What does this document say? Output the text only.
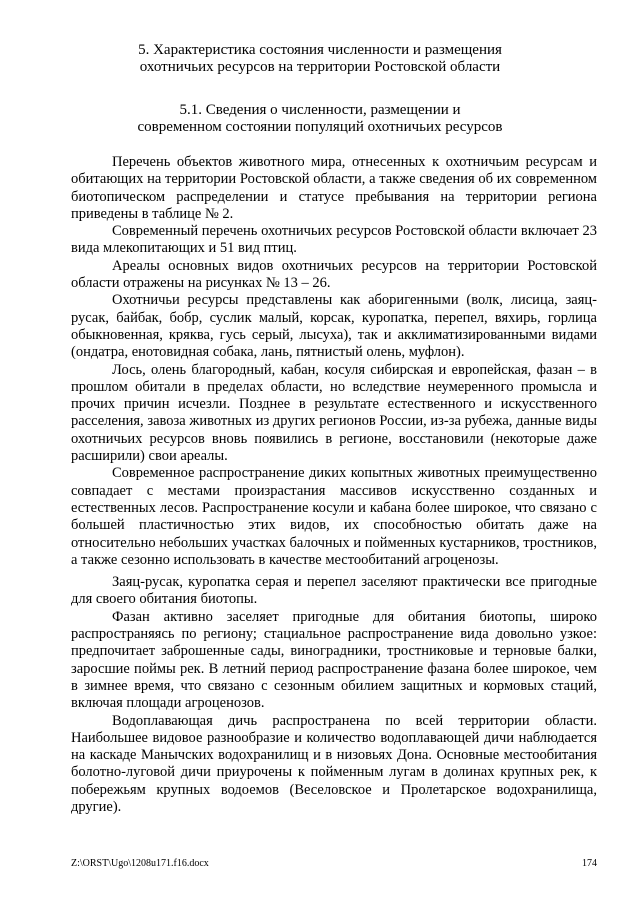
5. Характеристика состояния численности и размещения
охотничьих ресурсов на территории Ростовской области
5.1. Сведения о численности, размещении и
современном состоянии популяций охотничьих ресурсов

Перечень объектов животного мира, отнесенных к охотничьим ресурсам и обитающих на территории Ростовской области, а также сведения об их современном биотопическом распределении и статусе пребывания на территории региона приведены в таблице № 2.

Современный перечень охотничьих ресурсов Ростовской области включает 23 вида млекопитающих и 51 вид птиц.

Ареалы основных видов охотничьих ресурсов на территории Ростовской области отражены на рисунках № 13 – 26.

Охотничьи ресурсы представлены как аборигенными (волк, лисица, заяц-русак, байбак, бобр, суслик малый, корсак, куропатка, перепел, вяхирь, горлица обыкновенная, кряква, гусь серый, лысуха), так и акклиматизированными видами (ондатра, енотовидная собака, лань, пятнистый олень, муфлон).

Лось, олень благородный, кабан, косуля сибирская и европейская, фазан – в прошлом обитали в пределах области, но вследствие неумеренного промысла и прочих причин исчезли. Позднее в результате естественного и искусственного расселения, завоза животных из других регионов России, из-за рубежа, данные виды охотничьих ресурсов вновь появились в регионе, восстановили (некоторые даже расширили) свои ареалы.

Современное распространение диких копытных животных преимущественно совпадает с местами произрастания массивов искусственно созданных и естественных лесов. Распространение косули и кабана более широкое, что связано с большей пластичностью этих видов, их способностью обитать даже на относительно небольших участках балочных и пойменных кустарников, тростников, а также сезонно использовать в качестве местообитаний агроценозы.

Заяц-русак, куропатка серая и перепел заселяют практически все пригодные для своего обитания биотопы.

Фазан активно заселяет пригодные для обитания биотопы, широко распространяясь по региону; стациальное распространение вида довольно узкое: предпочитает заброшенные сады, виноградники, тростниковые и терновые балки, заросшие поймы рек. В летний период распространение фазана более широкое, чем в зимнее время, что связано с сезонным обилием защитных и кормовых стаций, включая площади агроценозов.

Водоплавающая дичь распространена по всей территории области. Наибольшее видовое разнообразие и количество водоплавающей дичи наблюдается на каскаде Манычских водохранилищ и в низовьях Дона. Основные местообитания болотно-луговой дичи приурочены к пойменным лугам в долинах крупных рек, к побережьям крупных водоемов (Веселовское и Пролетарское водохранилища, другие).

Z:\ORST\Ugo\1208u171.f16.docx	174
